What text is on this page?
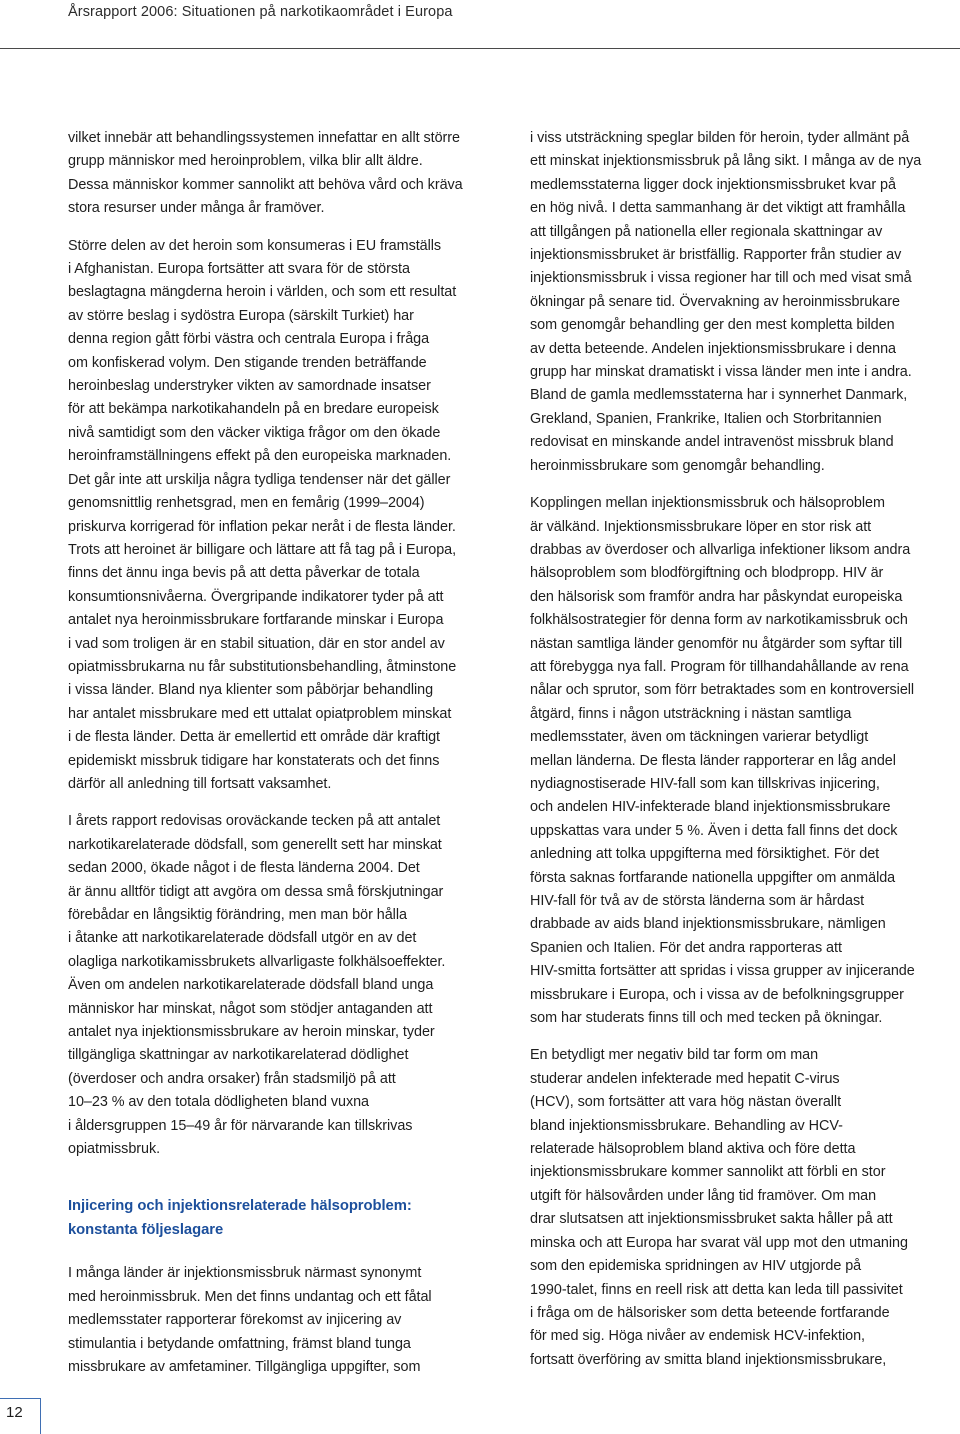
Årsrapport 2006: Situationen på narkotikaområdet i Europa
vilket innebär att behandlingssystemen innefattar en allt större
grupp människor med heroinproblem, vilka blir allt äldre.
Dessa människor kommer sannolikt att behöva vård och kräva
stora resurser under många år framöver.
Större delen av det heroin som konsumeras i EU framställs
i Afghanistan. Europa fortsätter att svara för de största
beslagtagna mängderna heroin i världen, och som ett resultat
av större beslag i sydöstra Europa (särskilt Turkiet) har
denna region gått förbi västra och centrala Europa i fråga
om konfiskerad volym. Den stigande trenden beträffande
heroinbeslag understryker vikten av samordnade insatser
för att bekämpa narkotikahandeln på en bredare europeisk
nivå samtidigt som den väcker viktiga frågor om den ökade
heroinframställningens effekt på den europeiska marknaden.
Det går inte att urskilja några tydliga tendenser när det gäller
genomsnittlig renhetsgrad, men en femårig (1999–2004)
priskurva korrigerad för inflation pekar neråt i de flesta länder.
Trots att heroinet är billigare och lättare att få tag på i Europa,
finns det ännu inga bevis på att detta påverkar de totala
konsumtionsnivåerna. Övergripande indikatorer tyder på att
antalet nya heroinmissbrukare fortfarande minskar i Europa
i vad som troligen är en stabil situation, där en stor andel av
opiatmissbrukarna nu får substitutionsbehandling, åtminstone
i vissa länder. Bland nya klienter som påbörjar behandling
har antalet missbrukare med ett uttalat opiatproblem minskat
i de flesta länder. Detta är emellertid ett område där kraftigt
epidemiskt missbruk tidigare har konstaterats och det finns
därför all anledning till fortsatt vaksamhet.
I årets rapport redovisas oroväckande tecken på att antalet
narkotikarelaterade dödsfall, som generellt sett har minskat
sedan 2000, ökade något i de flesta länderna 2004. Det
är ännu alltför tidigt att avgöra om dessa små förskjutningar
förebådar en långsiktig förändring, men man bör hålla
i åtanke att narkotikarelaterade dödsfall utgör en av det
olagliga narkotikamissbrukets allvarligaste folkhälsoeffekter.
Även om andelen narkotikarelaterade dödsfall bland unga
människor har minskat, något som stödjer antaganden att
antalet nya injektionsmissbrukare av heroin minskar, tyder
tillgängliga skattningar av narkotikarelaterad dödlighet
(överdoser och andra orsaker) från stadsmiljö på att
10–23 % av den totala dödligheten bland vuxna
i åldersgruppen 15–49 år för närvarande kan tillskrivas
opiatmissbruk.
Injicering och injektionsrelaterade hälsoproblem:
konstanta följeslagare
I många länder är injektionsmissbruk närmast synonymt
med heroinmissbruk. Men det finns undantag och ett fåtal
medlemsstater rapporterar förekomst av injicering av
stimulantia i betydande omfattning, främst bland tunga
missbrukare av amfetaminer. Tillgängliga uppgifter, som
i viss utsträckning speglar bilden för heroin, tyder allmänt på
ett minskat injektionsmissbruk på lång sikt. I många av de nya
medlemsstaterna ligger dock injektionsmissbruket kvar på
en hög nivå. I detta sammanhang är det viktigt att framhålla
att tillgången på nationella eller regionala skattningar av
injektionsmissbruket är bristfällig. Rapporter från studier av
injektionsmissbruk i vissa regioner har till och med visat små
ökningar på senare tid. Övervakning av heroinmissbrukare
som genomgår behandling ger den mest kompletta bilden
av detta beteende. Andelen injektionsmissbrukare i denna
grupp har minskat dramatiskt i vissa länder men inte i andra.
Bland de gamla medlemsstaterna har i synnerhet Danmark,
Grekland, Spanien, Frankrike, Italien och Storbritannien
redovisat en minskande andel intravenöst missbruk bland
heroinmissbrukare som genomgår behandling.
Kopplingen mellan injektionsmissbruk och hälsoproblem
är välkänd. Injektionsmissbrukare löper en stor risk att
drabbas av överdoser och allvarliga infektioner liksom andra
hälsoproblem som blodförgiftning och blodpropp. HIV är
den hälsorisk som framför andra har påskyndat europeiska
folkhälsostrategier för denna form av narkotikamissbruk och
nästan samtliga länder genomför nu åtgärder som syftar till
att förebygga nya fall. Program för tillhandahållande av rena
nålar och sprutor, som förr betraktades som en kontroversiell
åtgärd, finns i någon utsträckning i nästan samtliga
medlemsstater, även om täckningen varierar betydligt
mellan länderna. De flesta länder rapporterar en låg andel
nydiagnostiserade HIV-fall som kan tillskrivas injicering,
och andelen HIV-infekterade bland injektionsmissbrukare
uppskattas vara under 5 %. Även i detta fall finns det dock
anledning att tolka uppgifterna med försiktighet. För det
första saknas fortfarande nationella uppgifter om anmälda
HIV-fall för två av de största länderna som är hårdast
drabbade av aids bland injektionsmissbrukare, nämligen
Spanien och Italien. För det andra rapporteras att
HIV-smitta fortsätter att spridas i vissa grupper av injicerande
missbrukare i Europa, och i vissa av de befolkningsgrupper
som har studerats finns till och med tecken på ökningar.
En betydligt mer negativ bild tar form om man
studerar andelen infekterade med hepatit C-virus
(HCV), som fortsätter att vara hög nästan överallt
bland injektionsmissbrukare. Behandling av HCV-
relaterade hälsoproblem bland aktiva och före detta
injektionsmissbrukare kommer sannolikt att förbli en stor
utgift för hälsovården under lång tid framöver. Om man
drar slutsatsen att injektionsmissbruket sakta håller på att
minska och att Europa har svarat väl upp mot den utmaning
som den epidemiska spridningen av HIV utgjorde på
1990-talet, finns en reell risk att detta kan leda till passivitet
i fråga om de hälsorisker som detta beteende fortfarande
för med sig. Höga nivåer av endemisk HCV-infektion,
fortsatt överföring av smitta bland injektionsmissbrukare,
12
